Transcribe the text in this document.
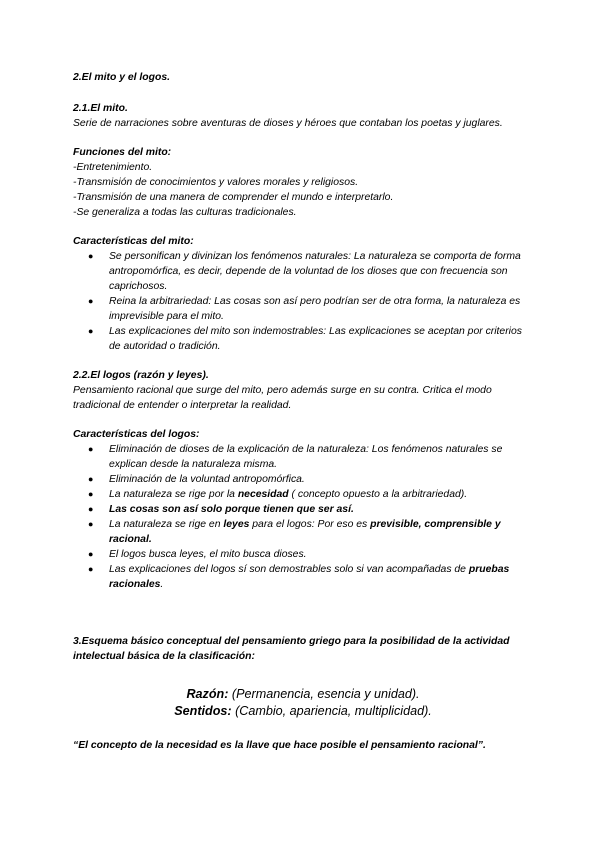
2.El mito y el logos.

2.1.El mito.

Serie de narraciones sobre aventuras de dioses y héroes que contaban los poetas y juglares.

Funciones del mito:

-Entretenimiento.

-Transmisión de conocimientos y valores morales y religiosos.

-Transmisión de una manera de comprender el mundo e interpretarlo.

-Se generaliza a todas las culturas tradicionales.

Características del mito:

● Se personifican y divinizan los fenómenos naturales: La naturaleza se comporta de forma antropomórfica, es decir, depende de la voluntad de los dioses que con frecuencia son caprichosos.
● Reina la arbitrariedad: Las cosas son así pero podrían ser de otra forma, la naturaleza es imprevisible para el mito.
● Las explicaciones del mito son indemostrables: Las explicaciones se aceptan por criterios de autoridad o tradición.

2.2.El logos (razón y leyes).

Pensamiento racional que surge del mito, pero además surge en su contra. Critica el modo tradicional de entender o interpretar la realidad.

Características del logos:

● Eliminación de dioses de la explicación de la naturaleza: Los fenómenos naturales se explican desde la naturaleza misma.
● Eliminación de la voluntad antropomórfica.
● La naturaleza se rige por la necesidad ( concepto opuesto a la arbitrariedad).
● Las cosas son así solo porque tienen que ser así.
● La naturaleza se rige en leyes para el logos: Por eso es previsible, comprensible y racional.
● El logos busca leyes, el mito busca dioses.
● Las explicaciones del logos sí son demostrables solo si van acompañadas de pruebas racionales.

3.Esquema básico conceptual del pensamiento griego para la posibilidad de la actividad intelectual básica de la clasificación:

Razón: (Permanencia, esencia y unidad).
Sentidos: (Cambio, apariencia, multiplicidad).

“El concepto de la necesidad es la llave que hace posible el pensamiento racional”.
